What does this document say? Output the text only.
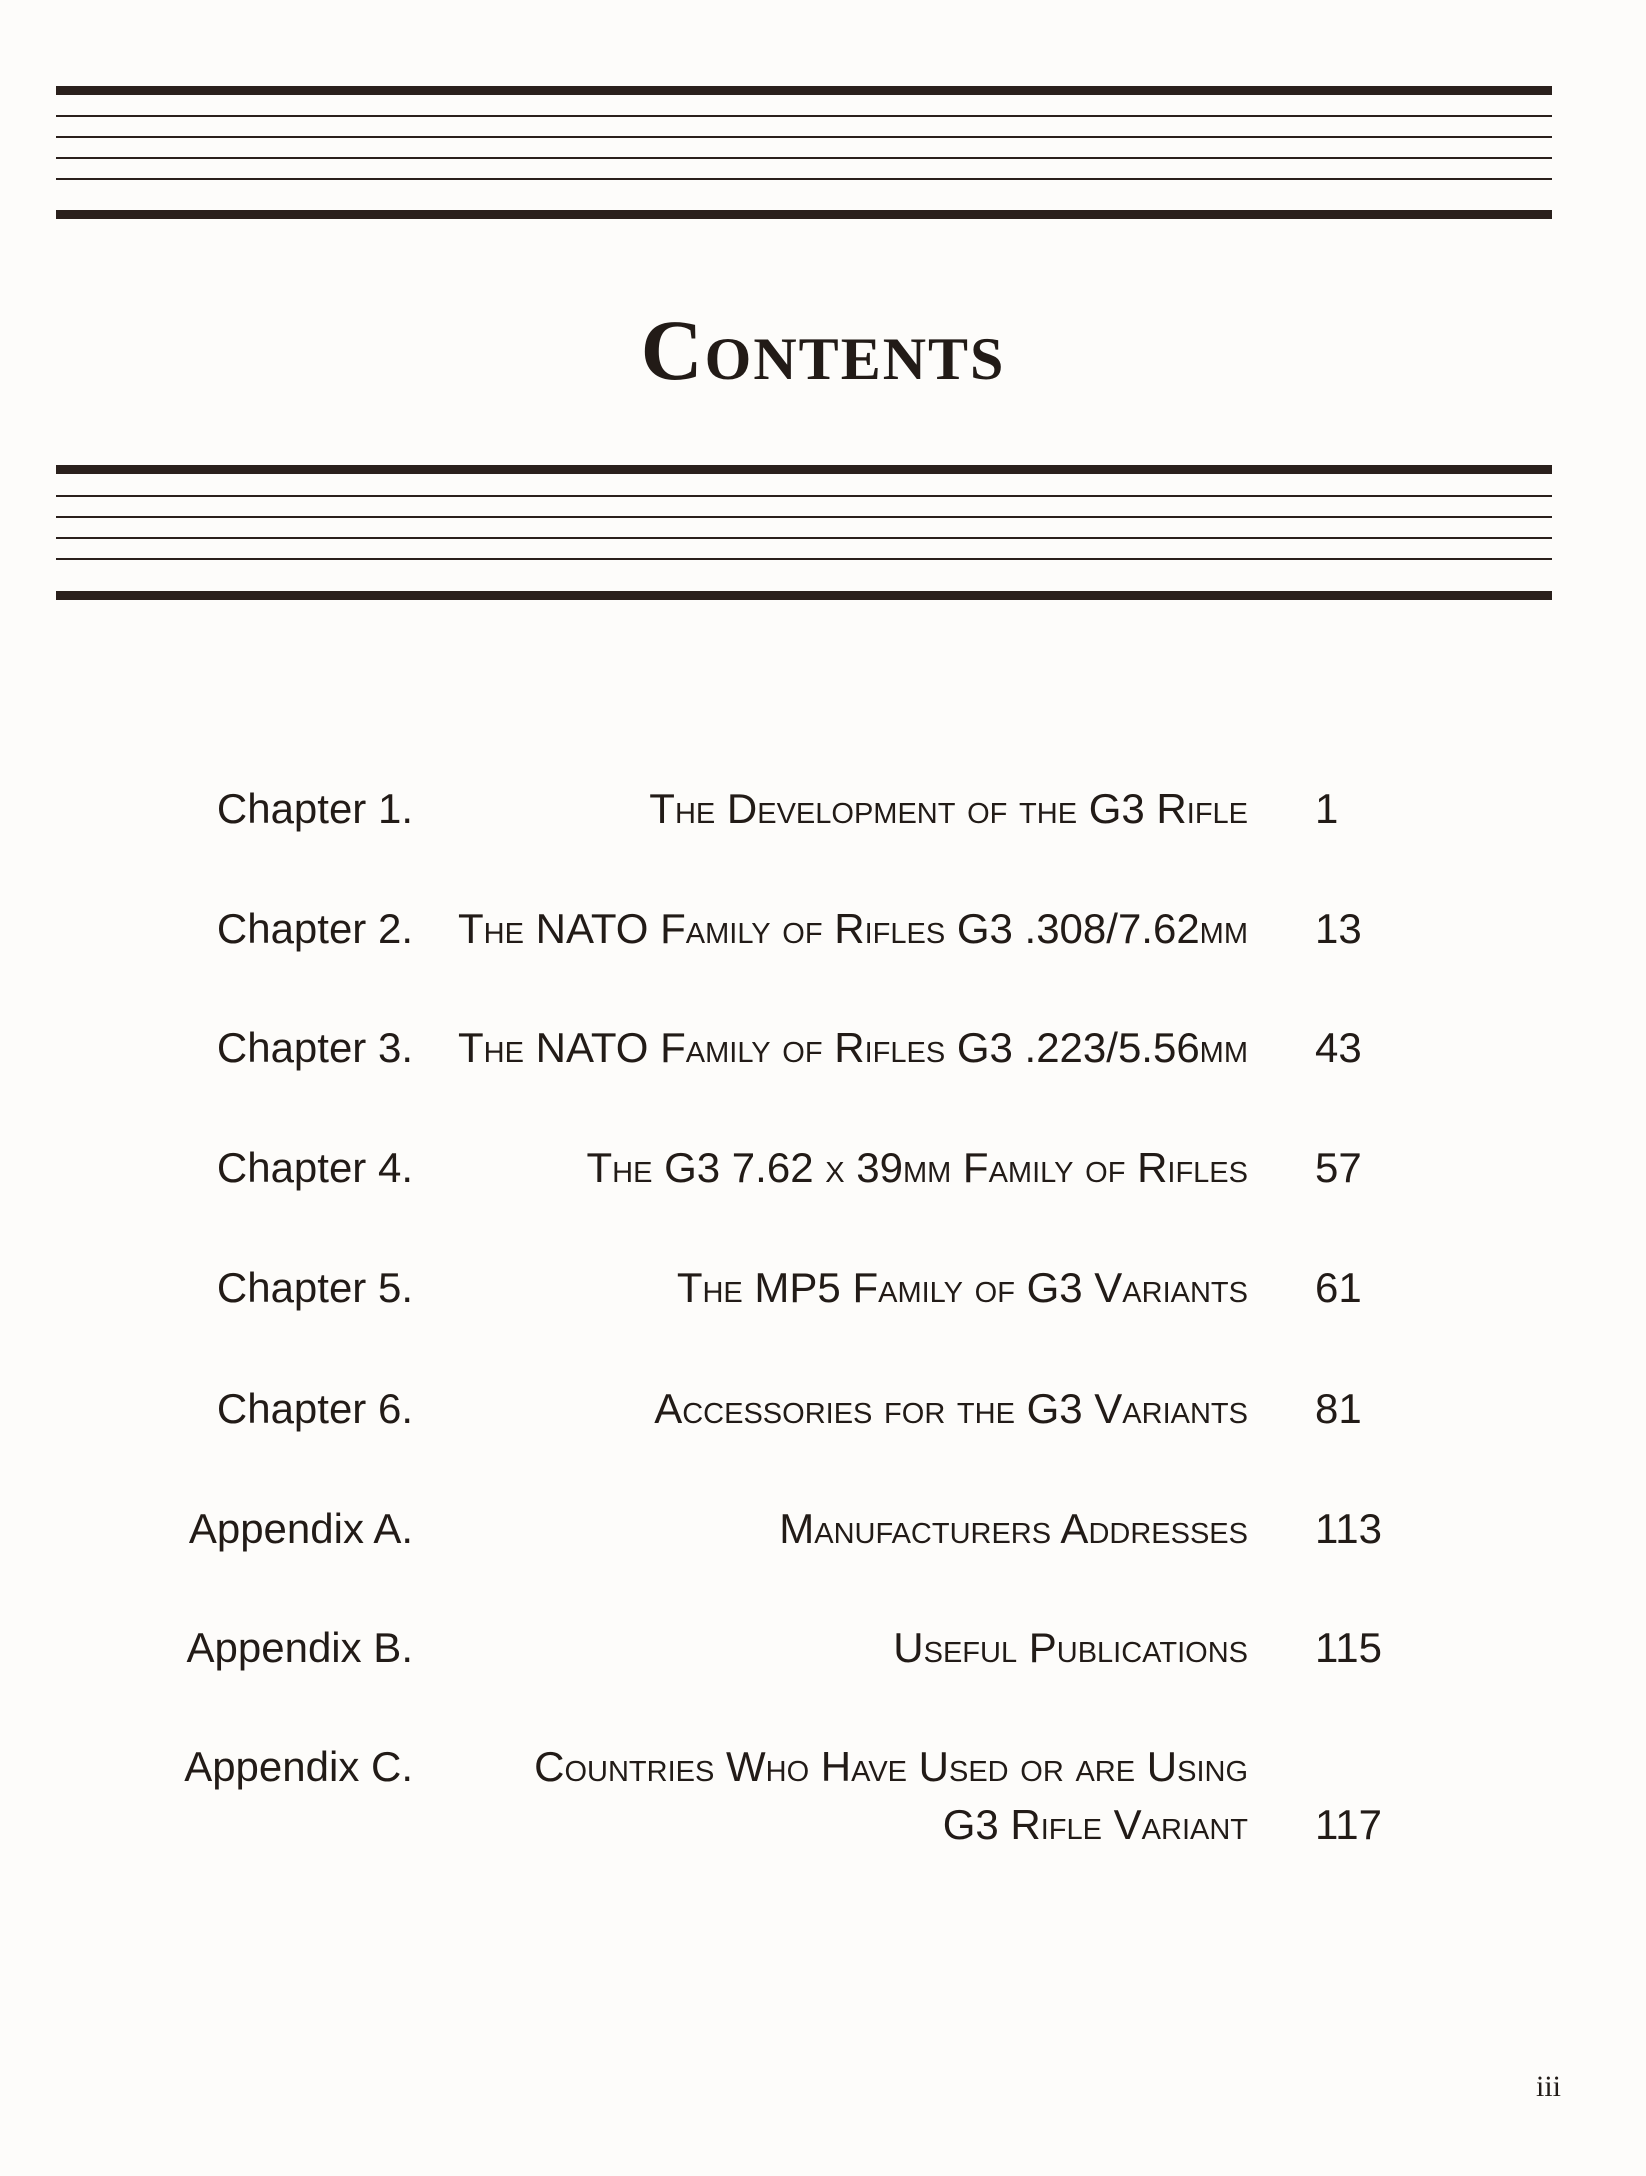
Contents
Chapter 1.	The Development of the G3 Rifle 1
Chapter 2. The NATO Family of Rifles G3 .308/7.62mm 13
Chapter 3. The NATO Family of Rifles G3 .223/5.56mm 43
Chapter 4.	The G3 7.62 x 39mm Family of Rifles 57
Chapter 5.	The MP5 Family of G3 Variants 61
Chapter 6.	Accessories for the G3 Variants 81
Appendix A.	Manufacturers Addresses 113
Appendix B.	Useful Publications 115
Appendix C.	Countries Who Have Used or are Using
G3 Rifle Variant 117
iii
